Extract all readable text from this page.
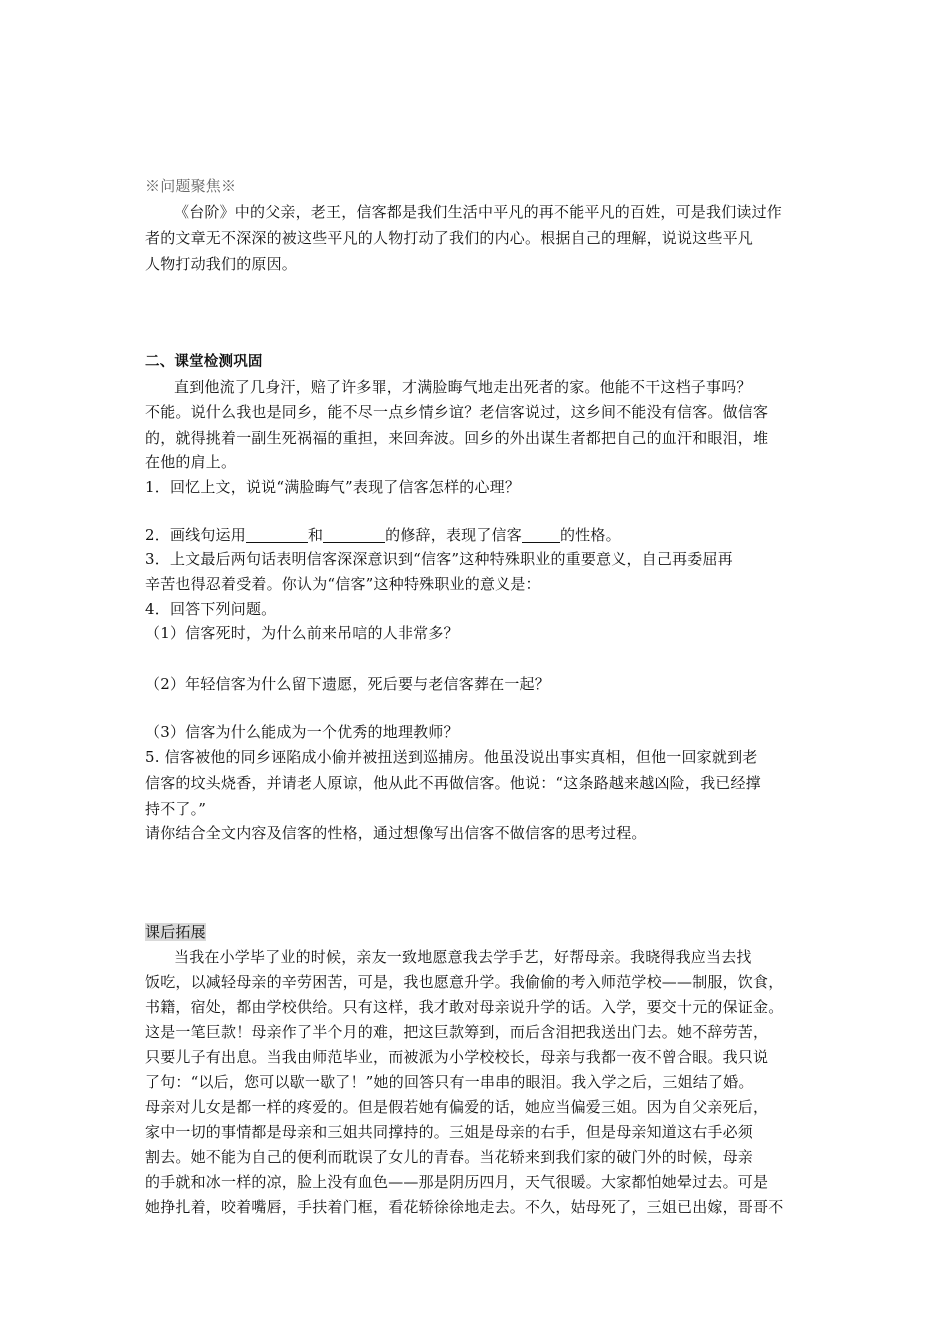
※问题聚焦※
《台阶》中的父亲，老王，信客都是我们生活中平凡的再不能平凡的百姓，可是我们读过作
者的文章无不深深的被这些平凡的人物打动了我们的内心。根据自己的理解，说说这些平凡
人物打动我们的原因。
二、课堂检测巩固
直到他流了几身汗，赔了许多罪，才满脸晦气地走出死者的家。他能不干这档子事吗？
不能。说什么我也是同乡，能不尽一点乡情乡谊？老信客说过，这乡间不能没有信客。做信客
的，就得挑着一副生死祸福的重担，来回奔波。回乡的外出谋生者都把自己的血汗和眼泪，堆
在他的肩上。
1．回忆上文，说说“满脸晦气”表现了信客怎样的心理？
2．画线句运用	和	的修辞，表现了信客	的性格。
3．上文最后两句话表明信客深深意识到“信客”这种特殊职业的重要意义，自己再委屈再
辛苦也得忍着受着。你认为“信客”这种特殊职业的意义是：
4．回答下列问题。
（1）信客死时，为什么前来吊唁的人非常多？
（2）年轻信客为什么留下遗愿，死后要与老信客葬在一起？
（3）信客为什么能成为一个优秀的地理教师？
5. 信客被他的同乡诬陷成小偷并被扭送到巡捕房。他虽没说出事实真相，但他一回家就到老
信客的坟头烧香，并请老人原谅，他从此不再做信客。他说：“这条路越来越凶险，我已经撑
持不了。”
请你结合全文内容及信客的性格，通过想像写出信客不做信客的思考过程。
课后拓展
当我在小学毕了业的时候，亲友一致地愿意我去学手艺，好帮母亲。我晓得我应当去找
饭吃，以减轻母亲的辛劳困苦，可是，我也愿意升学。我偷偷的考入师范学校——制服，饮食，
书籍，宿处，都由学校供给。只有这样，我才敢对母亲说升学的话。入学，要交十元的保证金。
这是一笔巨款！母亲作了半个月的难，把这巨款筹到，而后含泪把我送出门去。她不辞劳苦，
只要儿子有出息。当我由师范毕业，而被派为小学校校长，母亲与我都一夜不曾合眼。我只说
了句：“以后，您可以歇一歇了！”她的回答只有一串串的眼泪。我入学之后，三姐结了婚。
母亲对儿女是都一样的疼爱的。但是假若她有偏爱的话，她应当偏爱三姐。因为自父亲死后，
家中一切的事情都是母亲和三姐共同撑持的。三姐是母亲的右手，但是母亲知道这右手必须
割去。她不能为自己的便利而耽误了女儿的青春。当花轿来到我们家的破门外的时候，母亲
的手就和冰一样的凉，脸上没有血色——那是阴历四月，天气很暖。大家都怕她晕过去。可是
她挣扎着，咬着嘴唇，手扶着门框，看花轿徐徐地走去。不久，姑母死了，三姐已出嫁，哥哥不
